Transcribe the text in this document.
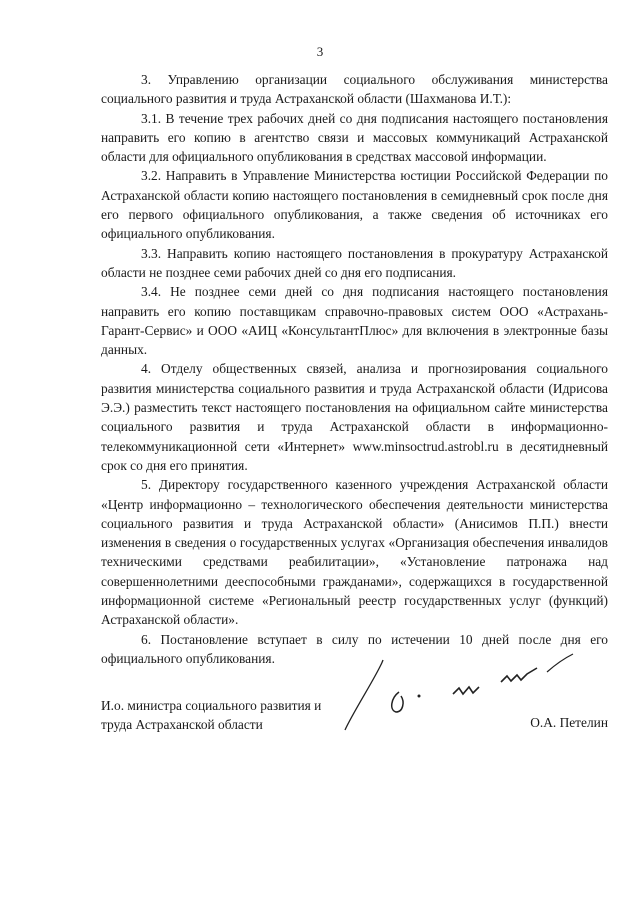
3

3. Управлению организации социального обслуживания министерства социального развития и труда Астраханской области (Шахманова И.Т.):

3.1. В течение трех рабочих дней со дня подписания настоящего постановления направить его копию в агентство связи и массовых коммуникаций Астраханской области для официального опубликования в средствах массовой информации.

3.2. Направить в Управление Министерства юстиции Российской Федерации по Астраханской области копию настоящего постановления в семидневный срок после дня его первого официального опубликования, а также сведения об источниках его официального опубликования.

3.3. Направить копию настоящего постановления в прокуратуру Астраханской области не позднее семи рабочих дней со дня его подписания.

3.4. Не позднее семи дней со дня подписания настоящего постановления направить его копию поставщикам справочно-правовых систем ООО «Астрахань-Гарант-Сервис» и ООО «АИЦ «КонсультантПлюс» для включения в электронные базы данных.

4. Отделу общественных связей, анализа и прогнозирования социального развития министерства социального развития и труда Астраханской области (Идрисова Э.Э.) разместить текст настоящего постановления на официальном сайте министерства социального развития и труда Астраханской области в информационно-телекоммуникационной сети «Интернет» www.minsoctrud.astrobl.ru в десятидневный срок со дня его принятия.

5. Директору государственного казенного учреждения Астраханской области «Центр информационно – технологического обеспечения деятельности министерства социального развития и труда Астраханской области» (Анисимов П.П.) внести изменения в сведения о государственных услугах «Организация обеспечения инвалидов техническими средствами реабилитации», «Установление патронажа над совершеннолетними дееспособными гражданами», содержащихся в государственной информационной системе «Региональный реестр государственных услуг (функций) Астраханской области».

6. Постановление вступает в силу по истечении 10 дней после дня его официального опубликования.

И.о. министра социального развития и
труда Астраханской области	О.А. Петелин
